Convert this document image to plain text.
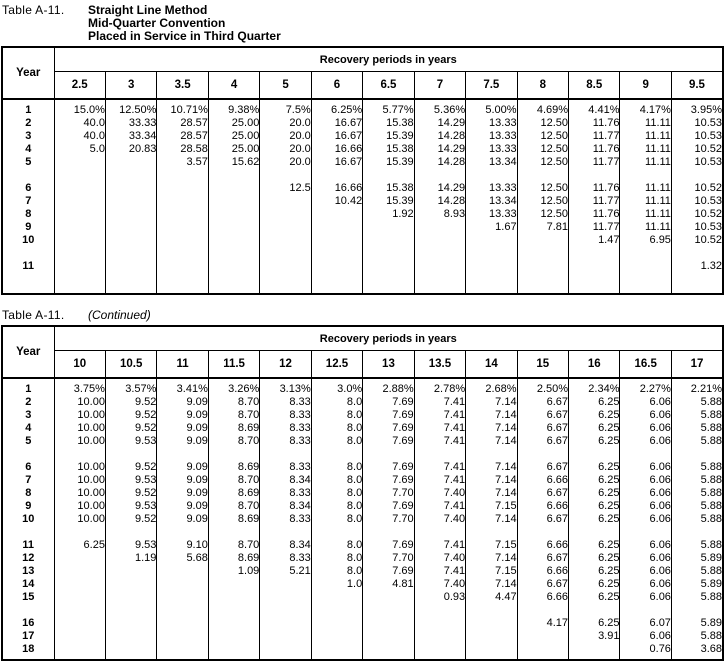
Table A-11.	Straight Line Method
Mid-Quarter Convention
Placed in Service in Third Quarter
Year	Recovery periods in years												
	2.5	3	3.5	4	5	6	6.5	7	7.5	8	8.5	9	9.5

1	15.0%	12.50%	10.71%	9.38%	7.5%	6.25%	5.77%	5.36%	5.00%	4.69%	4.41%	4.17%	3.95%
2	40.0	33.33	28.57	25.00	20.0	16.67	15.38	14.29	13.33	12.50	11.76	11.11	10.53
3	40.0	33.34	28.57	25.00	20.0	16.67	15.39	14.28	13.33	12.50	11.77	11.11	10.53
4	5.0	20.83	28.58	25.00	20.0	16.66	15.38	14.29	13.33	12.50	11.76	11.11	10.52
5			3.57	15.62	20.0	16.67	15.39	14.28	13.34	12.50	11.77	11.11	10.53

6					12.5	16.66	15.38	14.29	13.33	12.50	11.76	11.11	10.52
7						10.42	15.39	14.28	13.34	12.50	11.77	11.11	10.53
8							1.92	8.93	13.33	12.50	11.76	11.11	10.52
9									1.67	7.81	11.77	11.11	10.53
10											1.47	6.95	10.52

11													1.32

Table A-11.	(Continued)
Year	Recovery periods in years												
	10	10.5	11	11.5	12	12.5	13	13.5	14	15	16	16.5	17

1	3.75%	3.57%	3.41%	3.26%	3.13%	3.0%	2.88%	2.78%	2.68%	2.50%	2.34%	2.27%	2.21%
2	10.00	9.52	9.09	8.70	8.33	8.0	7.69	7.41	7.14	6.67	6.25	6.06	5.88
3	10.00	9.52	9.09	8.70	8.33	8.0	7.69	7.41	7.14	6.67	6.25	6.06	5.88
4	10.00	9.52	9.09	8.69	8.33	8.0	7.69	7.41	7.14	6.67	6.25	6.06	5.88
5	10.00	9.53	9.09	8.70	8.33	8.0	7.69	7.41	7.14	6.67	6.25	6.06	5.88

6	10.00	9.52	9.09	8.69	8.33	8.0	7.69	7.41	7.14	6.67	6.25	6.06	5.88
7	10.00	9.53	9.09	8.70	8.34	8.0	7.69	7.41	7.14	6.66	6.25	6.06	5.88
8	10.00	9.52	9.09	8.69	8.33	8.0	7.70	7.40	7.14	6.67	6.25	6.06	5.88
9	10.00	9.53	9.09	8.70	8.34	8.0	7.69	7.41	7.15	6.66	6.25	6.06	5.88
10	10.00	9.52	9.09	8.69	8.33	8.0	7.70	7.40	7.14	6.67	6.25	6.06	5.88

11	6.25	9.53	9.10	8.70	8.34	8.0	7.69	7.41	7.15	6.66	6.25	6.06	5.88
12		1.19	5.68	8.69	8.33	8.0	7.70	7.40	7.14	6.67	6.25	6.06	5.89
13				1.09	5.21	8.0	7.69	7.41	7.15	6.66	6.25	6.06	5.88
14						1.0	4.81	7.40	7.14	6.67	6.25	6.06	5.89
15								0.93	4.47	6.66	6.25	6.06	5.88

16										4.17	6.25	6.07	5.89
17											3.91	6.06	5.88
18												0.76	3.68
